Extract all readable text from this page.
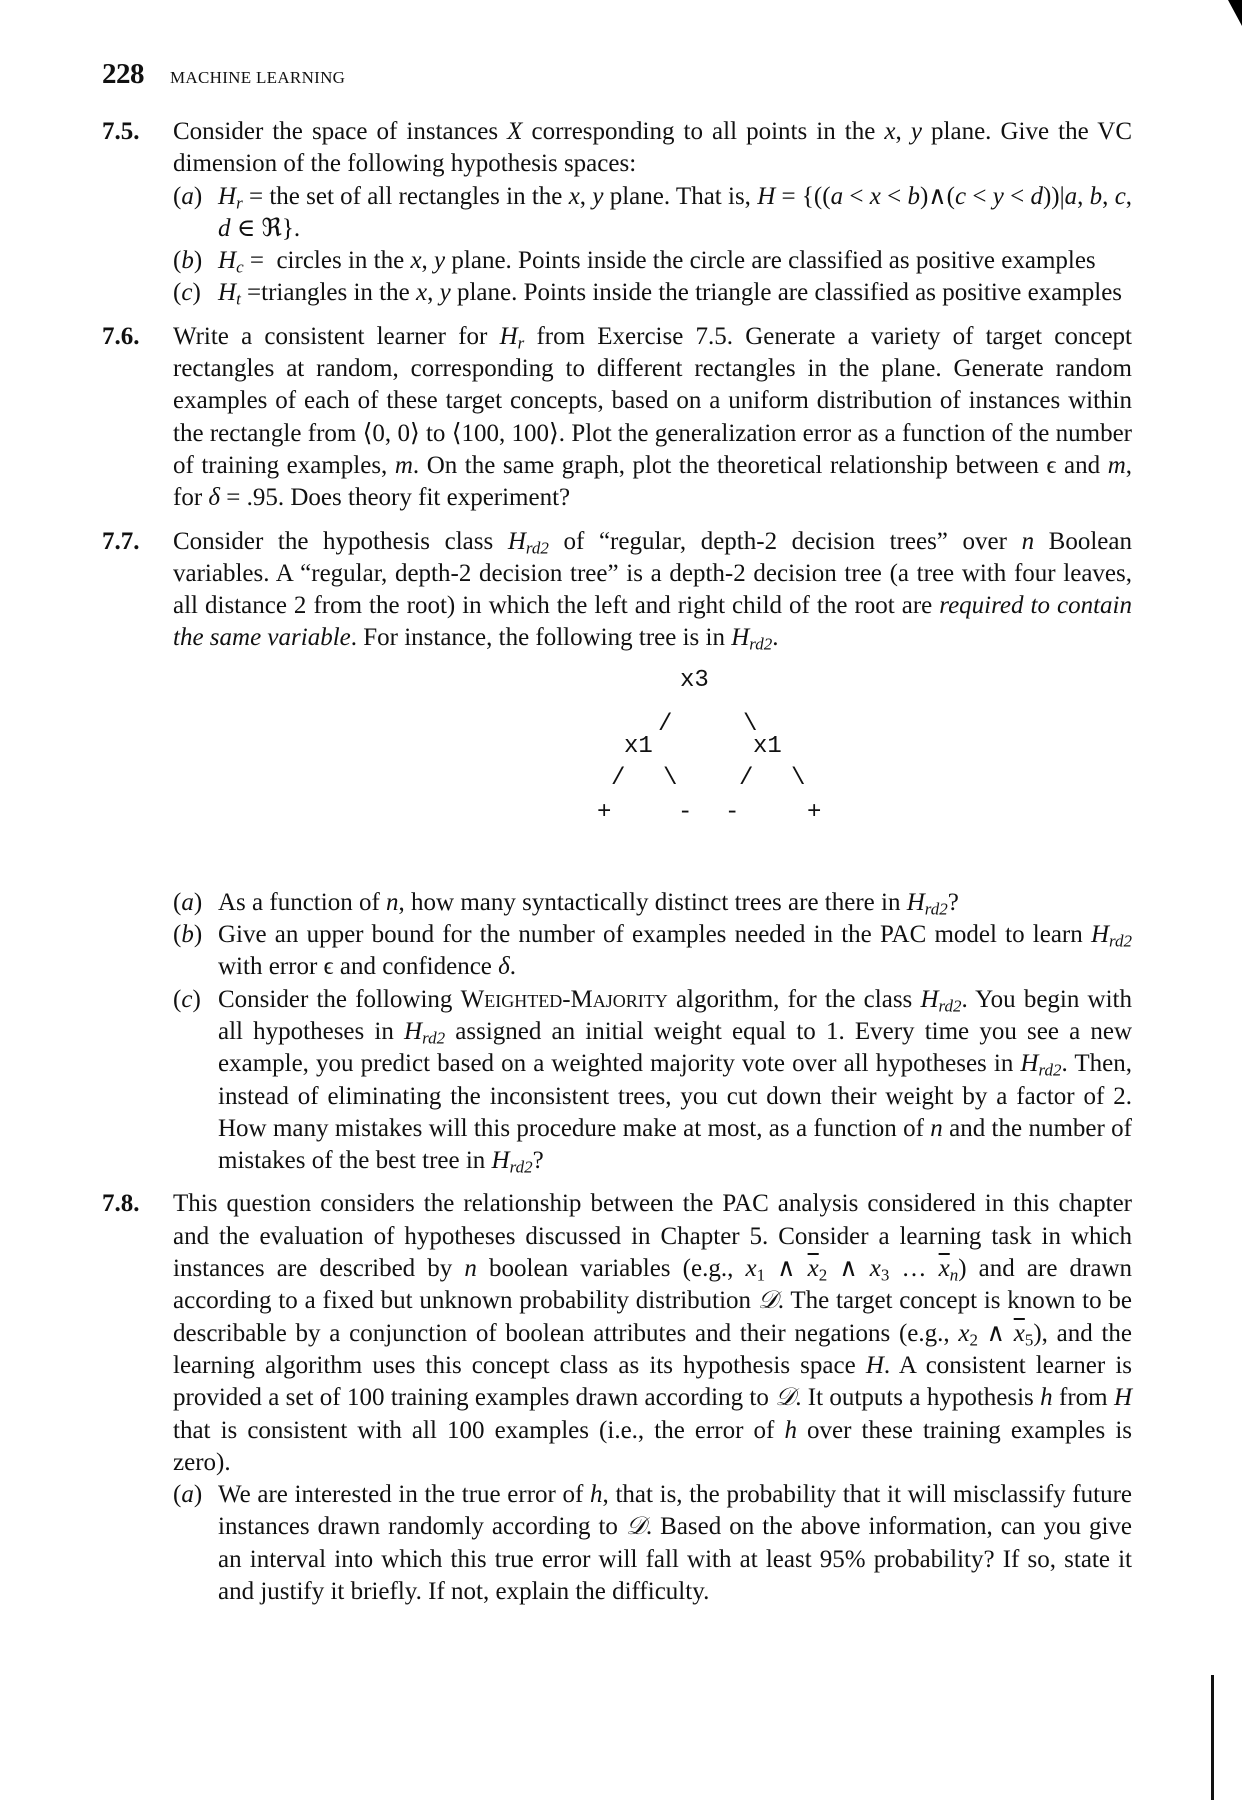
228 MACHINE LEARNING
7.5. Consider the space of instances X corresponding to all points in the x, y plane. Give the VC dimension of the following hypothesis spaces:
(a) $H_r$ = the set of all rectangles in the x, y plane. That is, H = {((a < x < b)∧(c < y < d))|a, b, c, d ∈ ℜ}.
(b) $H_c$ =  circles in the x, y plane. Points inside the circle are classified as positive examples
(c) $H_t$ =triangles in the x, y plane. Points inside the triangle are classified as positive examples
7.6. Write a consistent learner for $H_r$ from Exercise 7.5. Generate a variety of target concept rectangles at random, corresponding to different rectangles in the plane. Generate random examples of each of these target concepts, based on a uniform distribution of instances within the rectangle from ⟨0, 0⟩ to ⟨100, 100⟩. Plot the generalization error as a function of the number of training examples, m. On the same graph, plot the theoretical relationship between ϵ and m, for δ = .95. Does theory fit experiment?
7.7. Consider the hypothesis class $H_{rd2}$ of “regular, depth-2 decision trees” over n Boolean variables. A “regular, depth-2 decision tree” is a depth-2 decision tree (a tree with four leaves, all distance 2 from the root) in which the left and right child of the root are required to contain the same variable. For instance, the following tree is in $H_{rd2}$.
x3
/	\
x1	x1
/ \	/ \
+	- -	+
(a) As a function of n, how many syntactically distinct trees are there in $H_{rd2}$?
(b) Give an upper bound for the number of examples needed in the PAC model to learn $H_{rd2}$ with error ϵ and confidence δ.
(c) Consider the following Weighted-Majority algorithm, for the class $H_{rd2}$. You begin with all hypotheses in $H_{rd2}$ assigned an initial weight equal to 1. Every time you see a new example, you predict based on a weighted majority vote over all hypotheses in $H_{rd2}$. Then, instead of eliminating the inconsistent trees, you cut down their weight by a factor of 2. How many mistakes will this procedure make at most, as a function of n and the number of mistakes of the best tree in $H_{rd2}$?
7.8. This question considers the relationship between the PAC analysis considered in this chapter and the evaluation of hypotheses discussed in Chapter 5. Consider a learning task in which instances are described by n boolean variables (e.g., $x_1$ ∧ $\overline{x}_2$ ∧ $x_3$ … $\overline{x}_n$) and are drawn according to a fixed but unknown probability distribution 𝒟. The target concept is known to be describable by a conjunction of boolean attributes and their negations (e.g., $x_2$ ∧ $\overline{x}_5$), and the learning algorithm uses this concept class as its hypothesis space H. A consistent learner is provided a set of 100 training examples drawn according to 𝒟. It outputs a hypothesis h from H that is consistent with all 100 examples (i.e., the error of h over these training examples is zero).
(a) We are interested in the true error of h, that is, the probability that it will misclassify future instances drawn randomly according to 𝒟. Based on the above information, can you give an interval into which this true error will fall with at least 95% probability? If so, state it and justify it briefly. If not, explain the difficulty.
